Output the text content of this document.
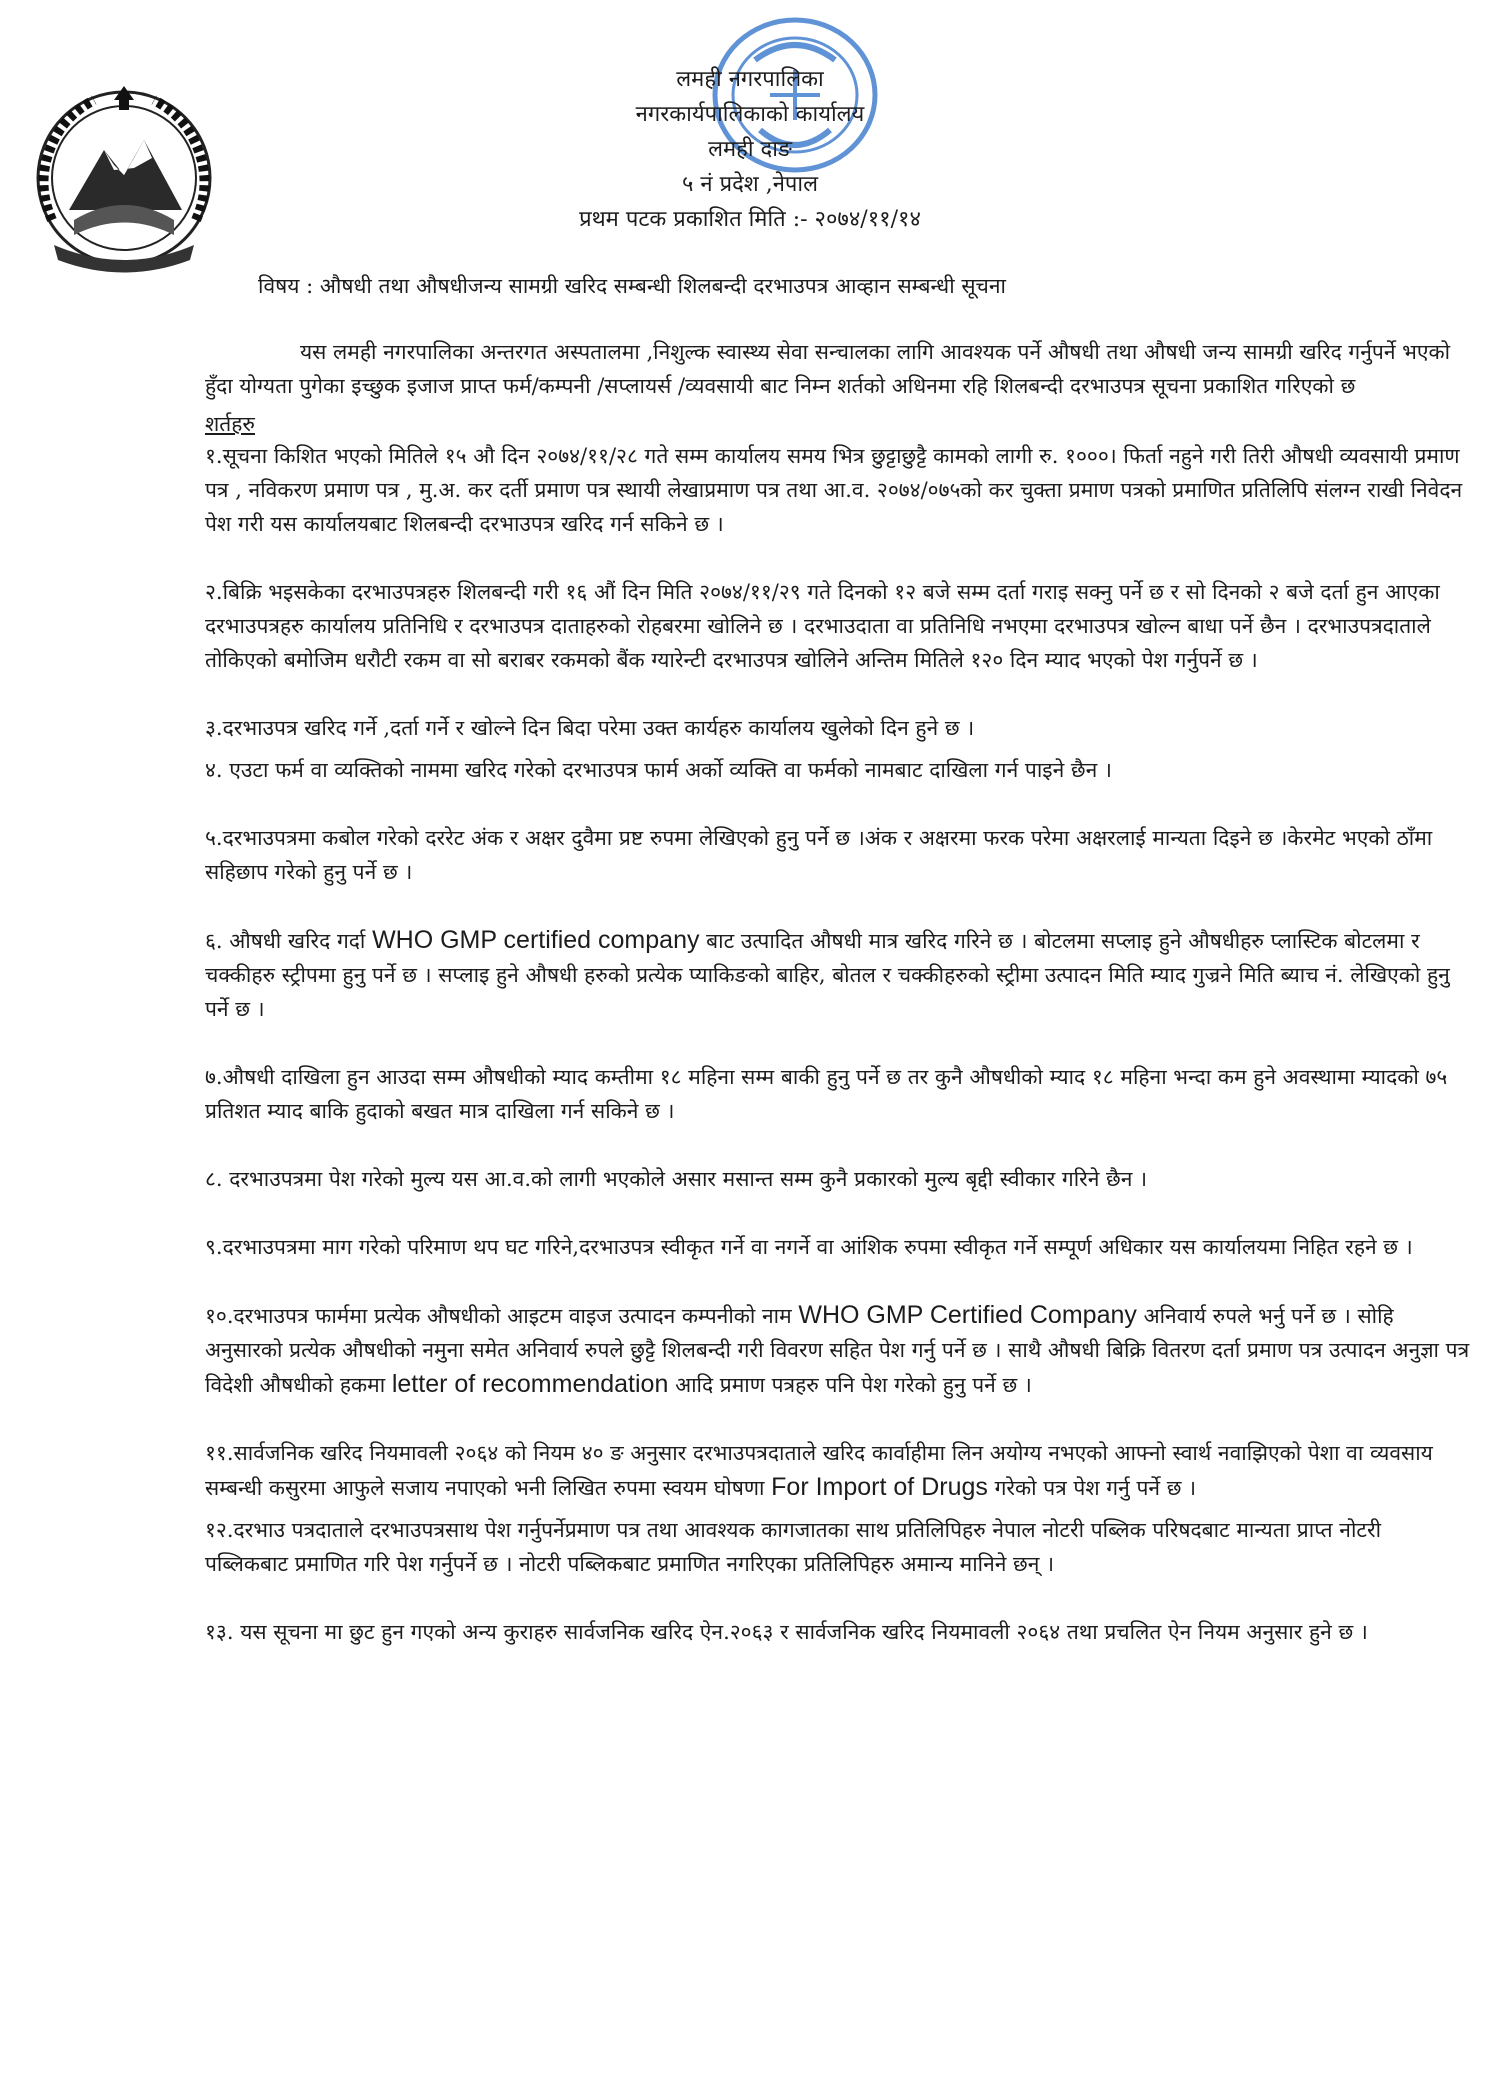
लमही नगरपालिका
नगरकार्यपालिकाको कार्यालय
लमही दाङ
५ नं प्रदेश ,नेपाल
प्रथम पटक प्रकाशित मिति :- २०७४/११/१४
विषय : औषधी तथा औषधीजन्य सामग्री खरिद सम्बन्धी शिलबन्दी दरभाउपत्र आव्हान सम्बन्धी सूचना

यस लमही नगरपालिका अन्तरगत अस्पतालमा ,निशुल्क स्वास्थ्य सेवा सन्चालका लागि आवश्यक पर्ने औषधी तथा औषधी जन्य सामग्री खरिद गर्नुपर्ने भएको हुँदा योग्यता पुगेका इच्छुक इजाज प्राप्त फर्म/कम्पनी /सप्लायर्स /व्यवसायी बाट निम्न शर्तको अधिनमा रहि शिलबन्दी दरभाउपत्र सूचना प्रकाशित गरिएको छ

शर्तहरु

१.सूचना किशित भएको मितिले १५ औ दिन २०७४/११/२८ गते सम्म कार्यालय समय भित्र छुट्टाछुट्टै कामको लागी रु. १०००। फिर्ता नहुने गरी तिरी औषधी व्यवसायी प्रमाण पत्र , नविकरण प्रमाण पत्र , मु.अ. कर दर्ती प्रमाण पत्र स्थायी लेखाप्रमाण पत्र तथा आ.व. २०७४/०७५को कर चुक्ता प्रमाण पत्रको प्रमाणित प्रतिलिपि संलग्न राखी निवेदन पेश गरी यस कार्यालयबाट शिलबन्दी दरभाउपत्र खरिद गर्न सकिने छ ।

२.बिक्रि भइसकेका दरभाउपत्रहरु शिलबन्दी गरी १६ औं दिन मिति २०७४/११/२९ गते दिनको १२ बजे सम्म दर्ता गराइ सक्नु पर्ने छ र सो दिनको २ बजे दर्ता हुन आएका दरभाउपत्रहरु कार्यालय प्रतिनिधि र दरभाउपत्र दाताहरुको रोहबरमा खोलिने छ । दरभाउदाता वा प्रतिनिधि नभएमा दरभाउपत्र खोल्न बाधा पर्ने छैन । दरभाउपत्रदाताले तोकिएको बमोजिम धरौटी रकम वा सो बराबर रकमको बैंक ग्यारेन्टी दरभाउपत्र खोलिने अन्तिम मितिले १२० दिन म्याद भएको पेश गर्नुपर्ने छ ।

३.दरभाउपत्र खरिद गर्ने ,दर्ता गर्ने र खोल्ने दिन बिदा परेमा उक्त कार्यहरु कार्यालय खुलेको दिन हुने छ ।

४. एउटा फर्म वा व्यक्तिको नाममा खरिद गरेको दरभाउपत्र फार्म अर्को व्यक्ति वा फर्मको नामबाट दाखिला गर्न पाइने छैन ।

५.दरभाउपत्रमा कबोल गरेको दररेट अंक र अक्षर दुवैमा प्रष्ट रुपमा लेखिएको हुनु पर्ने छ ।अंक र अक्षरमा फरक परेमा अक्षरलाई मान्यता दिइने छ ।केरमेट भएको ठाँमा सहिछाप गरेको हुनु पर्ने छ ।

६. औषधी खरिद गर्दा WHO GMP certified company बाट उत्पादित औषधी मात्र खरिद गरिने छ । बोटलमा सप्लाइ हुने औषधीहरु प्लास्टिक बोटलमा र चक्कीहरु स्ट्रीपमा हुनु पर्ने छ । सप्लाइ हुने औषधी हरुको प्रत्येक प्याकिङको बाहिर, बोतल र चक्कीहरुको स्ट्रीमा उत्पादन मिति म्याद गुज्रने मिति ब्याच नं. लेखिएको हुनु पर्ने छ ।

७.औषधी दाखिला हुन आउदा सम्म औषधीको म्याद कम्तीमा १८ महिना सम्म बाकी हुनु पर्ने छ तर कुनै औषधीको म्याद १८ महिना भन्दा कम हुने अवस्थामा म्यादको ७५ प्रतिशत म्याद बाकि हुदाको बखत मात्र दाखिला गर्न सकिने छ ।

८. दरभाउपत्रमा पेश गरेको मुल्य यस आ.व.को लागी भएकोले असार मसान्त सम्म कुनै प्रकारको मुल्य बृद्दी स्वीकार गरिने छैन ।

९.दरभाउपत्रमा माग गरेको परिमाण थप घट गरिने,दरभाउपत्र स्वीकृत गर्ने वा नगर्ने वा आंशिक रुपमा स्वीकृत गर्ने सम्पूर्ण अधिकार यस कार्यालयमा निहित रहने छ ।

१०.दरभाउपत्र फार्ममा प्रत्येक औषधीको आइटम वाइज उत्पादन कम्पनीको नाम WHO GMP Certified Company अनिवार्य रुपले भर्नु पर्ने छ । सोहि अनुसारको प्रत्येक औषधीको नमुना समेत अनिवार्य रुपले छुट्टै शिलबन्दी गरी विवरण सहित पेश गर्नु पर्ने छ । साथै औषधी बिक्रि वितरण दर्ता प्रमाण पत्र उत्पादन अनुज्ञा पत्र विदेशी औषधीको हकमा letter of recommendation आदि प्रमाण पत्रहरु पनि पेश गरेको हुनु पर्ने छ ।

११.सार्वजनिक खरिद नियमावली २०६४ को नियम ४० ङ अनुसार दरभाउपत्रदाताले खरिद कार्वाहीमा लिन अयोग्य नभएको आफ्नो स्वार्थ नवाझिएको पेशा वा व्यवसाय सम्बन्धी कसुरमा आफुले सजाय नपाएको भनी लिखित रुपमा स्वयम घोषणा For Import of Drugs गरेको पत्र पेश गर्नु पर्ने छ ।

१२.दरभाउ पत्रदाताले दरभाउपत्रसाथ पेश गर्नुपर्नेप्रमाण पत्र तथा आवश्यक कागजातका साथ प्रतिलिपिहरु नेपाल नोटरी पब्लिक परिषदबाट मान्यता प्राप्त नोटरी पब्लिकबाट प्रमाणित गरि पेश गर्नुपर्ने छ । नोटरी पब्लिकबाट प्रमाणित नगरिएका प्रतिलिपिहरु अमान्य मानिने छन् ।

१३. यस सूचना मा छुट हुन गएको अन्य कुराहरु सार्वजनिक खरिद ऐन.२०६३ र सार्वजनिक खरिद नियमावली २०६४ तथा प्रचलित ऐन नियम अनुसार हुने छ ।
